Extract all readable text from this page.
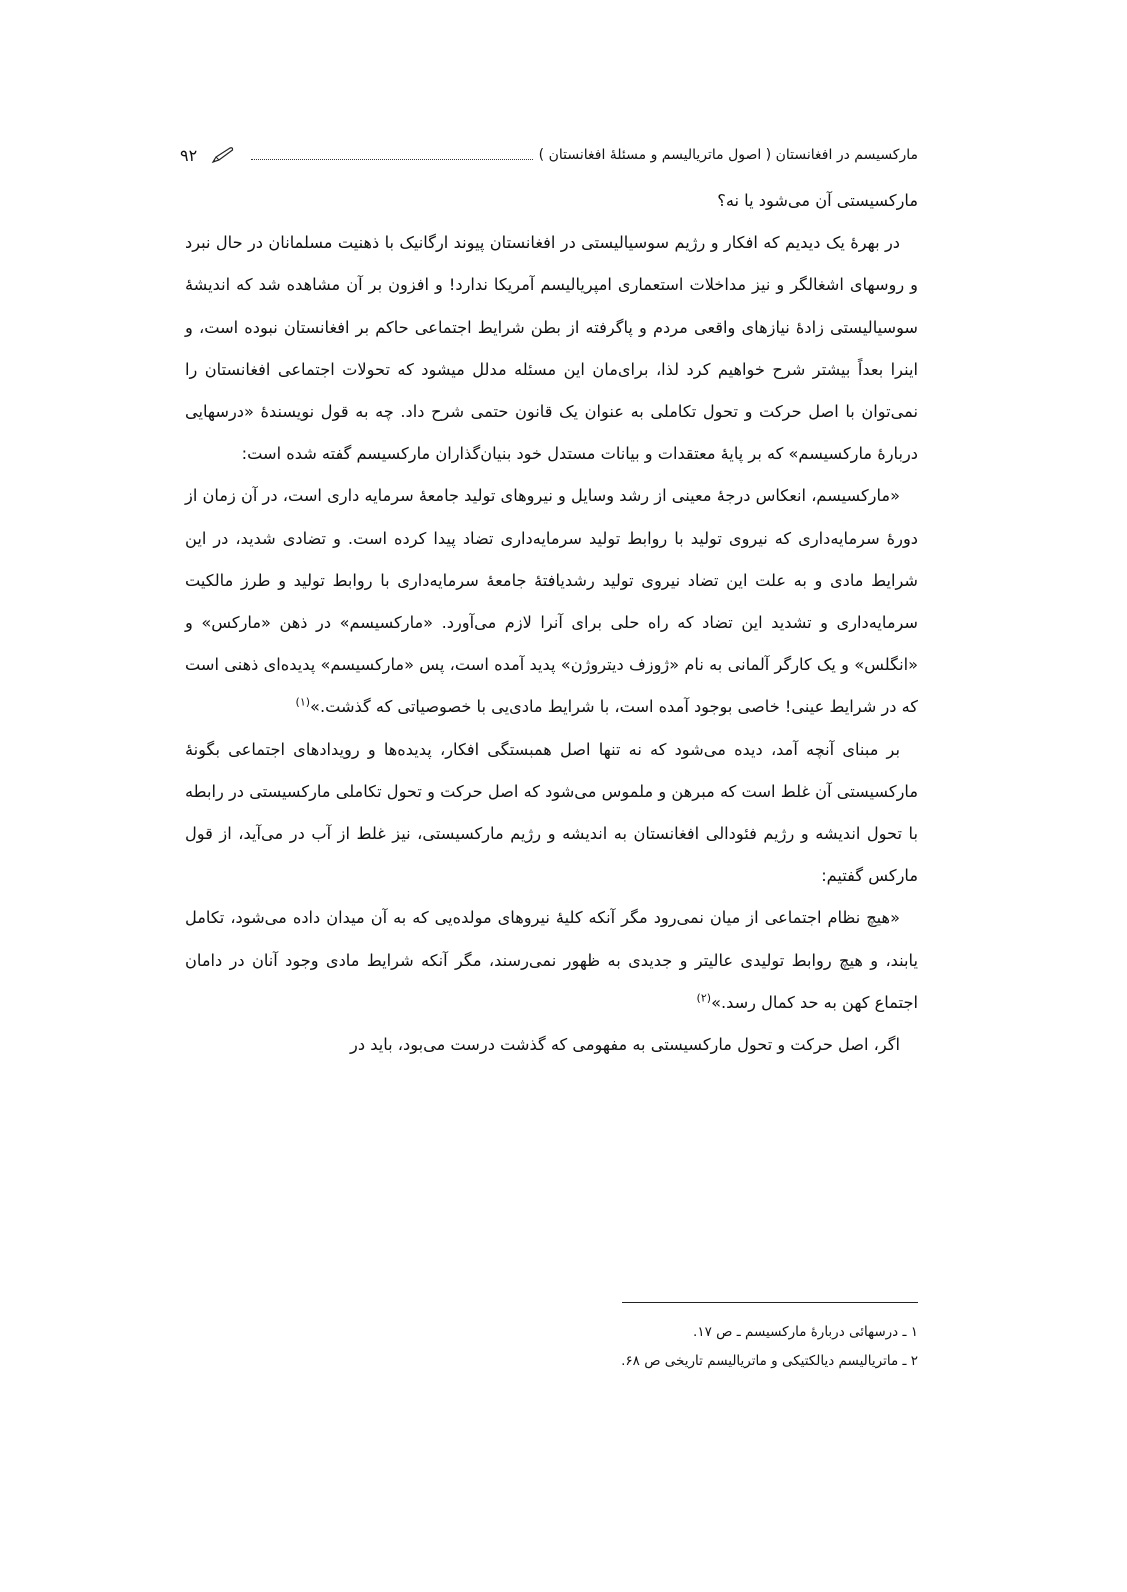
مارکسیسم در افغانستان ( اصول ماتریالیسم و مسئلهٔ افغانستان )
۹۲

مارکسیستی آن می‌شود یا نه؟

در بهرهٔ یک دیدیم که افکار و رژیم سوسیالیستی در افغانستان پیوند ارگانیک با ذهنیت مسلمانان در حال نبرد و روسهای اشغالگر و نیز مداخلات استعماری امپریالیسم آمریکا ندارد! و افزون بر آن مشاهده شد که اندیشهٔ سوسیالیستی زادهٔ نیازهای واقعی مردم و پاگرفته از بطن شرایط اجتماعی حاکم بر افغانستان نبوده است، و اینرا بعداً بیشتر شرح خواهیم کرد لذا، برای‌مان این مسئله مدلل میشود که تحولات اجتماعی افغانستان را نمی‌توان با اصل حرکت و تحول تکاملی به عنوان یک قانون حتمی شرح داد. چه به قول نویسندهٔ «درسهایی دربارهٔ مارکسیسم» که بر پایهٔ معتقدات و بیانات مستدل خود بنیان‌گذاران مارکسیسم گفته شده است:

«مارکسیسم، انعکاس درجهٔ معینی از رشد وسایل و نیروهای تولید جامعهٔ سرمایه داری است، در آن زمان از دورهٔ سرمایه‌داری که نیروی تولید با روابط تولید سرمایه‌داری تضاد پیدا کرده است. و تضادی شدید، در این شرایط مادی و به علت این تضاد نیروی تولید رشدیافتهٔ جامعهٔ سرمایه‌داری با روابط تولید و طرز مالکیت سرمایه‌داری و تشدید این تضاد که راه حلی برای آنرا لازم می‌آورد. «مارکسیسم» در ذهن «مارکس» و «انگلس» و یک کارگر آلمانی به نام «ژوزف دیتروژن» پدید آمده است، پس «مارکسیسم» پدیده‌ای ذهنی است که در شرایط عینی! خاصی بوجود آمده است، با شرایط مادی‌یی با خصوصیاتی که گذشت.»$^{(۱)}$

بر مبنای آنچه آمد، دیده می‌شود که نه تنها اصل همبستگی افکار، پدیده‌ها و رویدادهای اجتماعی بگونهٔ مارکسیستی آن غلط است که مبرهن و ملموس می‌شود که اصل حرکت و تحول تکاملی مارکسیستی در رابطه با تحول اندیشه و رژیم فئودالی افغانستان به اندیشه و رژیم مارکسیستی، نیز غلط از آب در می‌آید، از قول مارکس گفتیم:

«هیچ نظام اجتماعی از میان نمی‌رود مگر آنکه کلیهٔ نیروهای مولده‌یی که به آن میدان داده می‌شود، تکامل یابند، و هیچ روابط تولیدی عالیتر و جدیدی به ظهور نمی‌رسند، مگر آنکه شرایط مادی وجود آنان در دامان اجتماع کهن به حد کمال رسد.»$^{(۲)}$

اگر، اصل حرکت و تحول مارکسیستی به مفهومی که گذشت درست می‌بود، باید در

۱ ـ درسهائی دربارهٔ مارکسیسم ـ ص ۱۷.
۲ ـ ماتریالیسم دیالکتیکی و ماتریالیسم تاریخی ص ۶۸.
